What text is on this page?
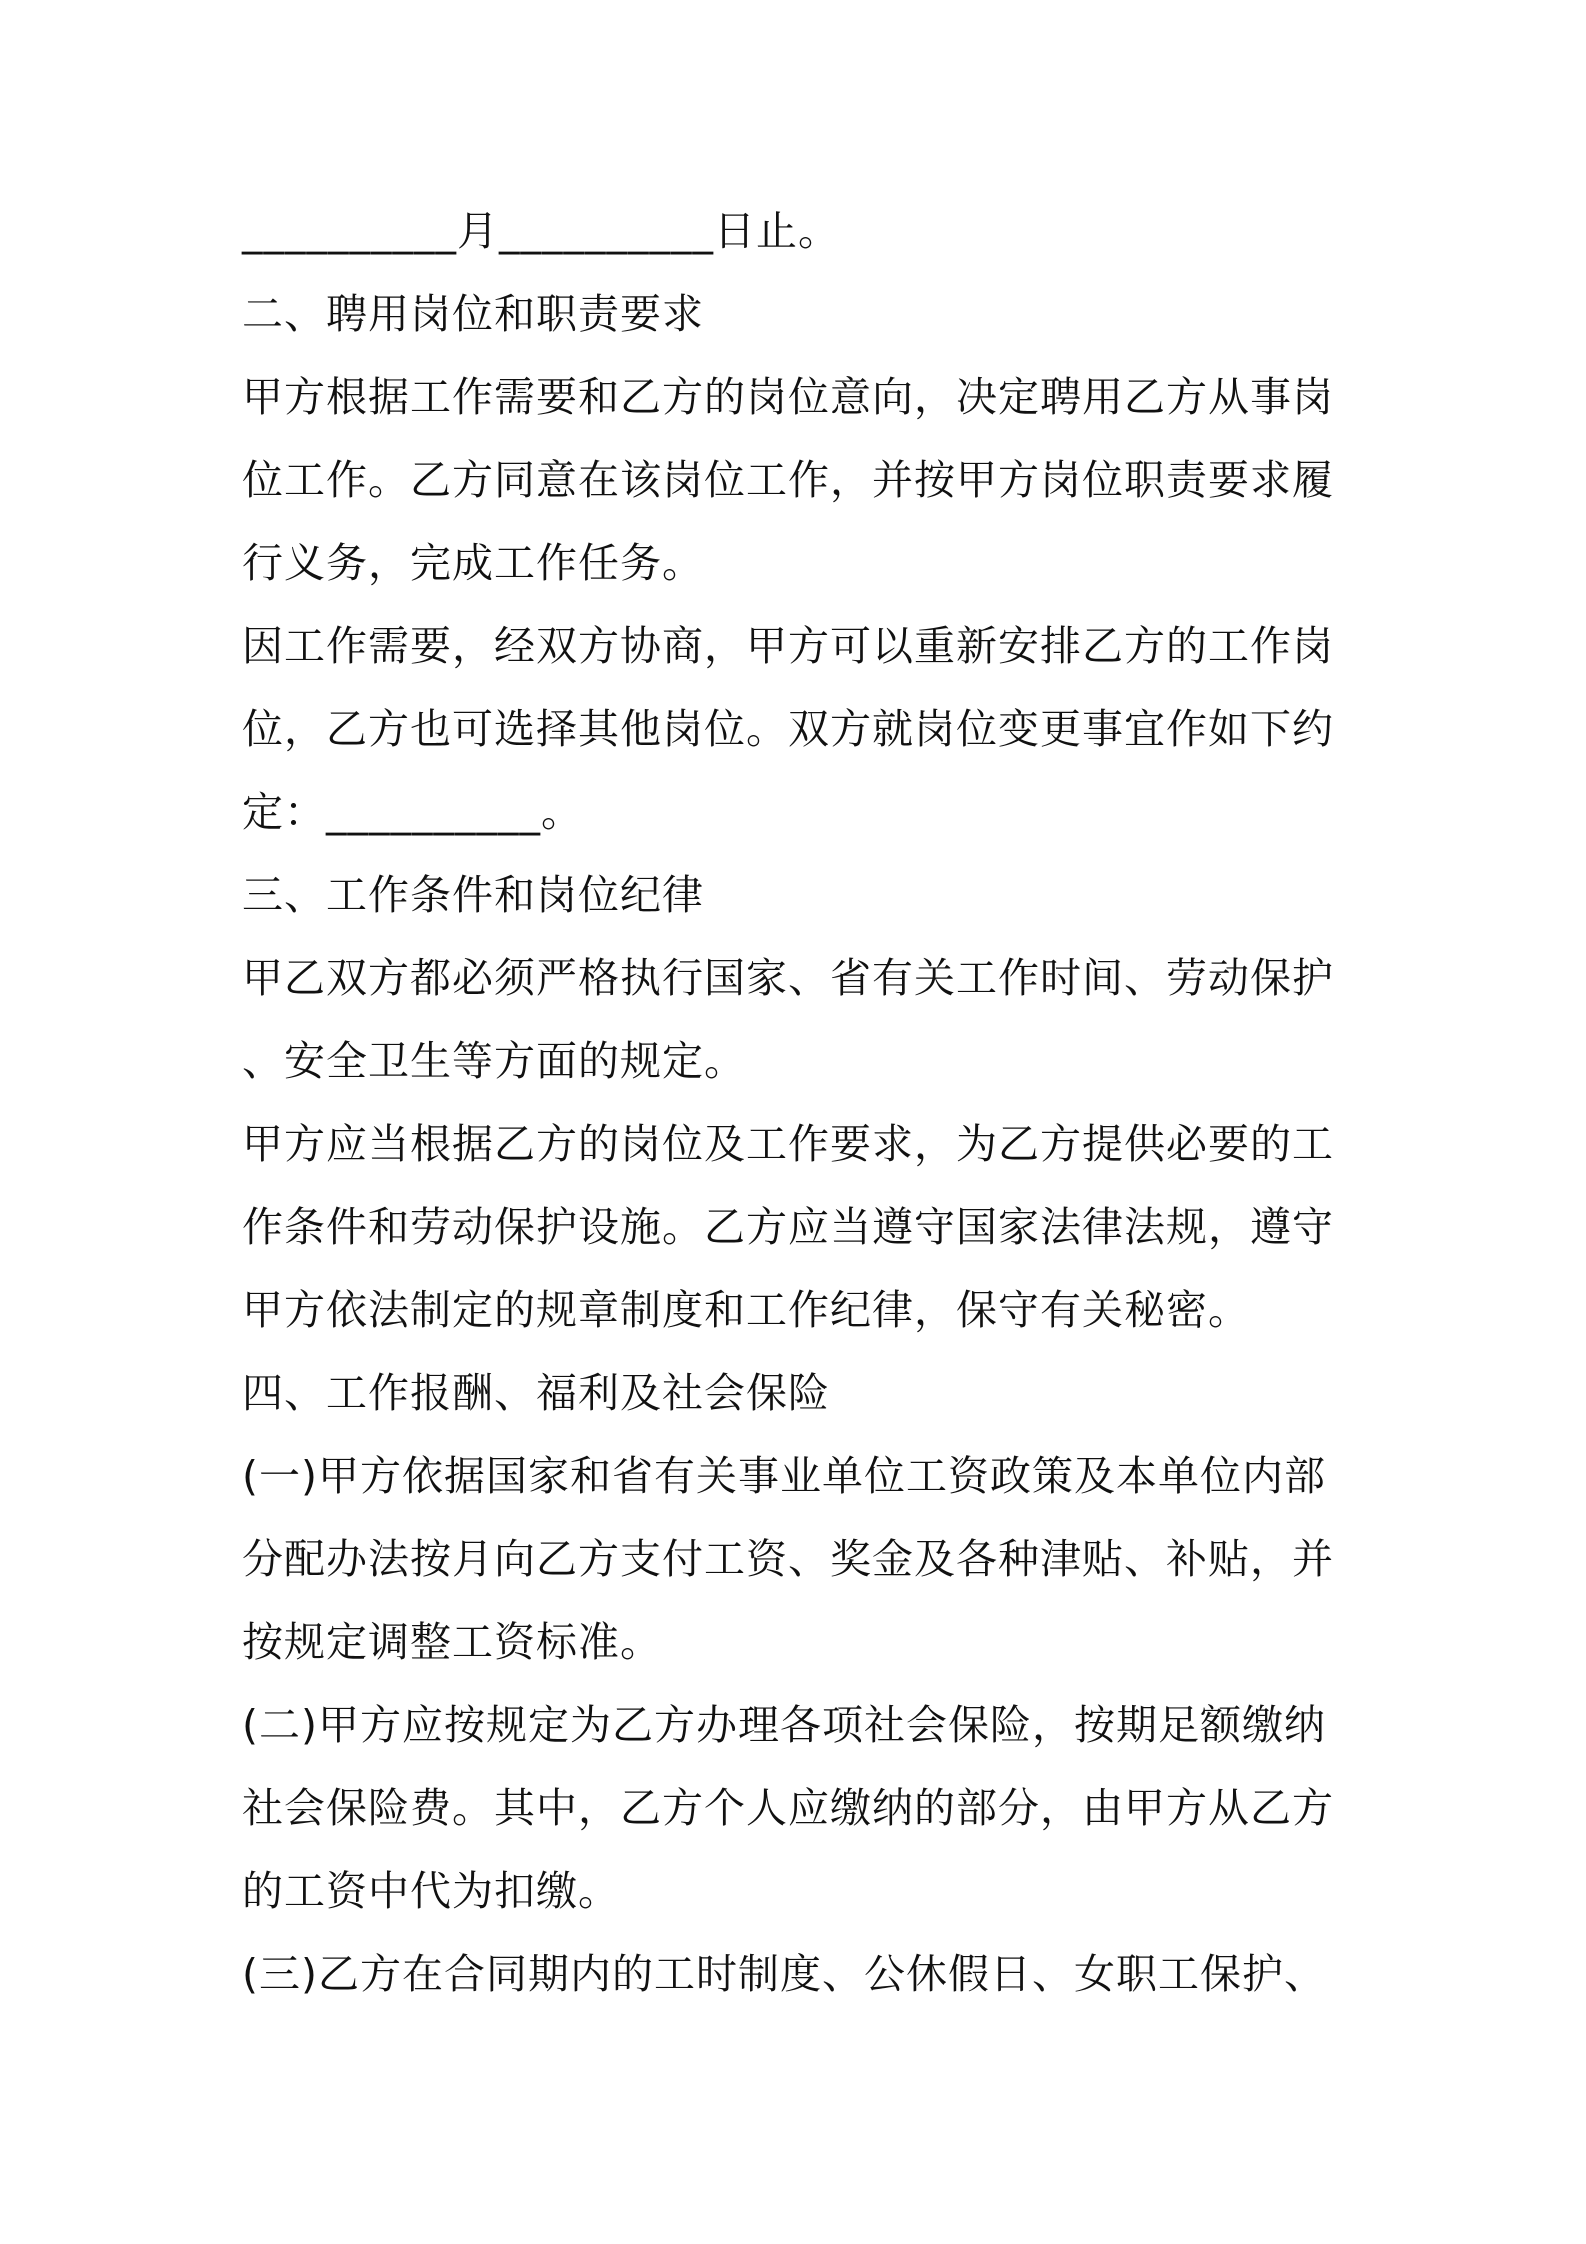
__________月__________日止。
二、聘用岗位和职责要求
甲方根据工作需要和乙方的岗位意向，决定聘用乙方从事岗
位工作。乙方同意在该岗位工作，并按甲方岗位职责要求履
行义务，完成工作任务。
因工作需要，经双方协商，甲方可以重新安排乙方的工作岗
位，乙方也可选择其他岗位。双方就岗位变更事宜作如下约
定：__________。
三、工作条件和岗位纪律
甲乙双方都必须严格执行国家、省有关工作时间、劳动保护
、安全卫生等方面的规定。
甲方应当根据乙方的岗位及工作要求，为乙方提供必要的工
作条件和劳动保护设施。乙方应当遵守国家法律法规，遵守
甲方依法制定的规章制度和工作纪律，保守有关秘密。
四、工作报酬、福利及社会保险
(一)甲方依据国家和省有关事业单位工资政策及本单位内部
分配办法按月向乙方支付工资、奖金及各种津贴、补贴，并
按规定调整工资标准。
(二)甲方应按规定为乙方办理各项社会保险，按期足额缴纳
社会保险费。其中，乙方个人应缴纳的部分，由甲方从乙方
的工资中代为扣缴。
(三)乙方在合同期内的工时制度、公休假日、女职工保护、
